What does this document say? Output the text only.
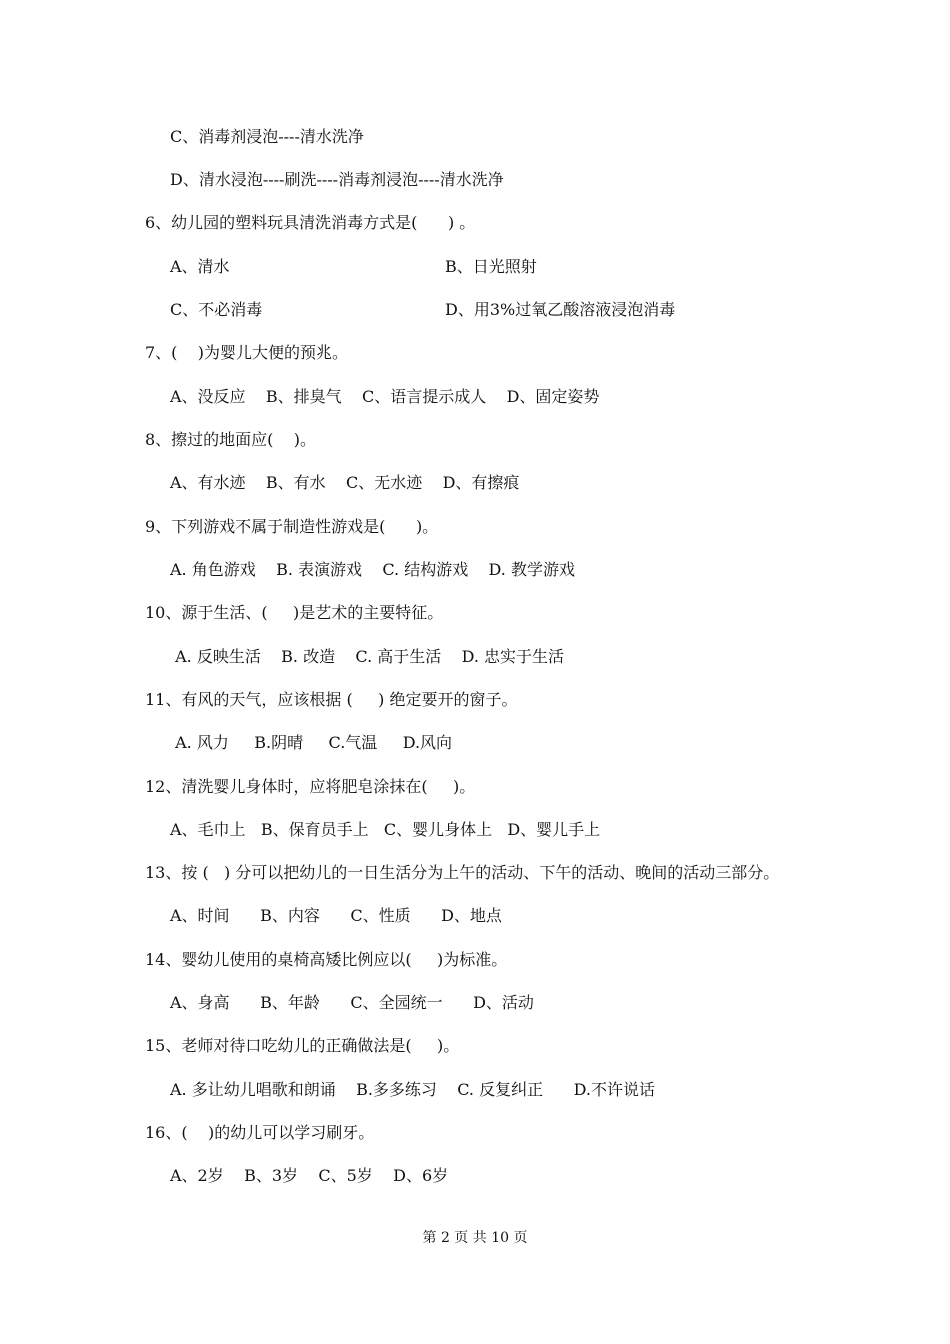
C、消毒剂浸泡----清水洗净
D、清水浸泡----刷洗----消毒剂浸泡----清水洗净
6、幼儿园的塑料玩具清洗消毒方式是(      ) 。
A、清水	B、日光照射
C、不必消毒	D、用3%过氧乙酸溶液浸泡消毒
7、(    )为婴儿大便的预兆。
A、没反应    B、排臭气    C、语言提示成人    D、固定姿势
8、擦过的地面应(    )。
A、有水迹    B、有水    C、无水迹    D、有擦痕
9、下列游戏不属于制造性游戏是(      )。
A. 角色游戏    B. 表演游戏    C. 结构游戏    D. 教学游戏
10、源于生活、(     )是艺术的主要特征。
A. 反映生活    B. 改造    C. 高于生活    D. 忠实于生活
11、有风的天气，应该根据 (     ) 绝定要开的窗子。
A. 风力     B.阴晴     C.气温     D.风向
12、清洗婴儿身体时，应将肥皂涂抹在(     )。
A、毛巾上   B、保育员手上   C、婴儿身体上   D、婴儿手上
13、按 (   ) 分可以把幼儿的一日生活分为上午的活动、下午的活动、晚间的活动三部分。
A、时间      B、内容      C、性质      D、地点
14、婴幼儿使用的桌椅高矮比例应以(     )为标准。
A、身高      B、年龄      C、全园统一      D、活动
15、老师对待口吃幼儿的正确做法是(     )。
A. 多让幼儿唱歌和朗诵    B.多多练习    C. 反复纠正      D.不许说话
16、(    )的幼儿可以学习刷牙。
A、2岁    B、3岁    C、5岁    D、6岁
第 2 页 共 10 页
